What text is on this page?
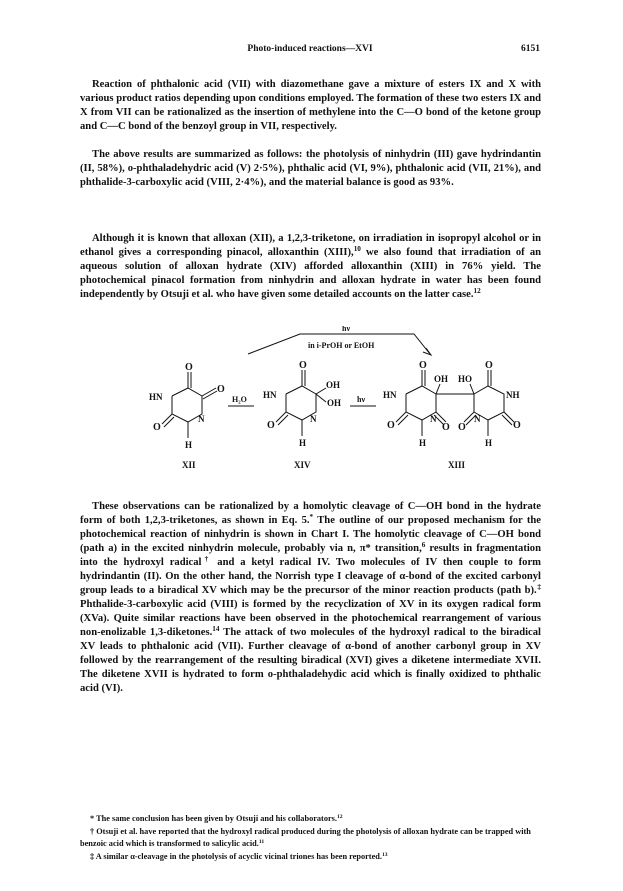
Photo-induced reactions—XVI	6151

Reaction of phthalonic acid (VII) with diazomethane gave a mixture of esters IX and X with various product ratios depending upon conditions employed. The formation of these two esters IX and X from VII can be rationalized as the insertion of methylene into the C—O bond of the ketone group and C—C bond of the benzoyl group in VII, respectively.

The above results are summarized as follows: the photolysis of ninhydrin (III) gave hydrindantin (II, 58%), o-phthaladehydric acid (V) 2·5%), phthalic acid (VI, 9%), phthalonic acid (VII, 21%), and phthalide-3-carboxylic acid (VIII, 2·4%), and the material balance is good as 93%.

Although it is known that alloxan (XII), a 1,2,3-triketone, on irradiation in isopropyl alcohol or in ethanol gives a corresponding pinacol, alloxanthin (XIII),$^{10}$ we also found that irradiation of an aqueous solution of alloxan hydrate (XIV) afforded alloxanthin (XIII) in 76% yield. The photochemical pinacol formation from ninhydrin and alloxan hydrate in water has been found independently by Otsuji et al. who have given some detailed accounts on the latter case.$^{12}$

hν
in i-PrOH or EtOH
O
HN
O
N
O
H
XII
H₂O
O
OH
OH
HN
N
O
H
XIV
hν
O
OH HO
O
HN	NH
N	N
O	O O	O
H	H
XIII

These observations can be rationalized by a homolytic cleavage of C—OH bond in the hydrate form of both 1,2,3-triketones, as shown in Eq. 5.* The outline of our proposed mechanism for the photochemical reaction of ninhydrin is shown in Chart I. The homolytic cleavage of C—OH bond (path a) in the excited ninhydrin molecule, probably via n, π* transition,$^6$ results in fragmentation into the hydroxyl radical† and a ketyl radical IV. Two molecules of IV then couple to form hydrindantin (II). On the other hand, the Norrish type I cleavage of α-bond of the excited carbonyl group leads to a biradical XV which may be the precursor of the minor reaction products (path b).‡ Phthalide-3-carboxylic acid (VIII) is formed by the recyclization of XV in its oxygen radical form (XVa). Quite similar reactions have been observed in the photochemical rearrangement of various non-enolizable 1,3-diketones.$^{14}$ The attack of two molecules of the hydroxyl radical to the biradical XV leads to phthalonic acid (VII). Further cleavage of α-bond of another carbonyl group in XV followed by the rearrangement of the resulting biradical (XVI) gives a diketene intermediate XVII. The diketene XVII is hydrated to form o-phthaladehydic acid which is finally oxidized to phthalic acid (VI).

* The same conclusion has been given by Otsuji and his collaborators.$^{12}$

† Otsuji et al. have reported that the hydroxyl radical produced during the photolysis of alloxan hydrate can be trapped with benzoic acid which is transformed to salicylic acid.$^{11}$

‡ A similar α-cleavage in the photolysis of acyclic vicinal triones has been reported.$^{13}$
